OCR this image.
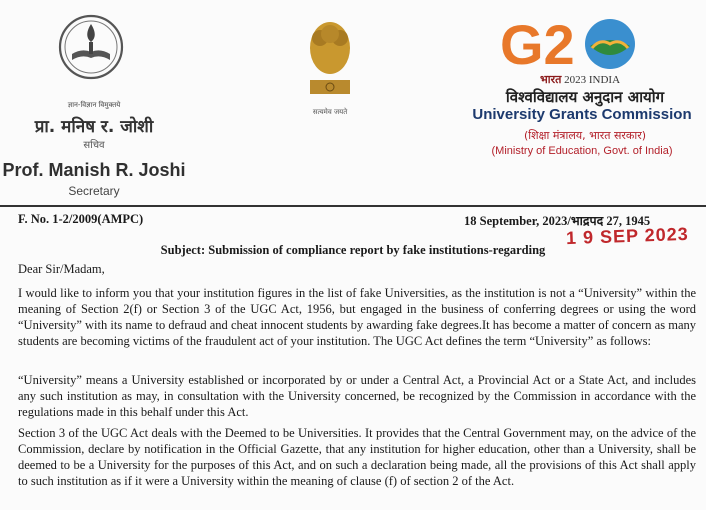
ज्ञान-विज्ञान विमुक्तये
प्रा. मनिष र. जोशी
सचिव
Prof. Manish R. Joshi
Secretary
सत्यमेव जयते
G2
भारत 2023 INDIA
विश्वविद्यालय अनुदान आयोग
University Grants Commission
(शिक्षा मंत्रालय, भारत सरकार)
(Ministry of Education, Govt. of India)
F. No. 1-2/2009(AMPC)	18 September, 2023/भाद्रपद 27, 1945
1 9 SEP 2023
Subject: Submission of compliance report by fake institutions-regarding
Dear Sir/Madam,
I would like to inform you that your institution figures in the list of fake Universities, as the institution is not a “University” within the meaning of Section 2(f) or Section 3 of the UGC Act, 1956, but engaged in the business of conferring degrees or using the word “University” with its name to defraud and cheat innocent students by awarding fake degrees.It has become a matter of concern as many students are becoming victims of the fraudulent act of your institution. The UGC Act defines the term “University” as follows:
“University” means a University established or incorporated by or under a Central Act, a Provincial Act or a State Act, and includes any such institution as may, in consultation with the University concerned, be recognized by the Commission in accordance with the regulations made in this behalf under this Act.
Section 3 of the UGC Act deals with the Deemed to be Universities. It provides that the Central Government may, on the advice of the Commission, declare by notification in the Official Gazette, that any institution for higher education, other than a University, shall be deemed to be a University for the purposes of this Act, and on such a declaration being made, all the provisions of this Act shall apply to such institution as if it were a University within the meaning of clause (f) of section 2 of the Act.
